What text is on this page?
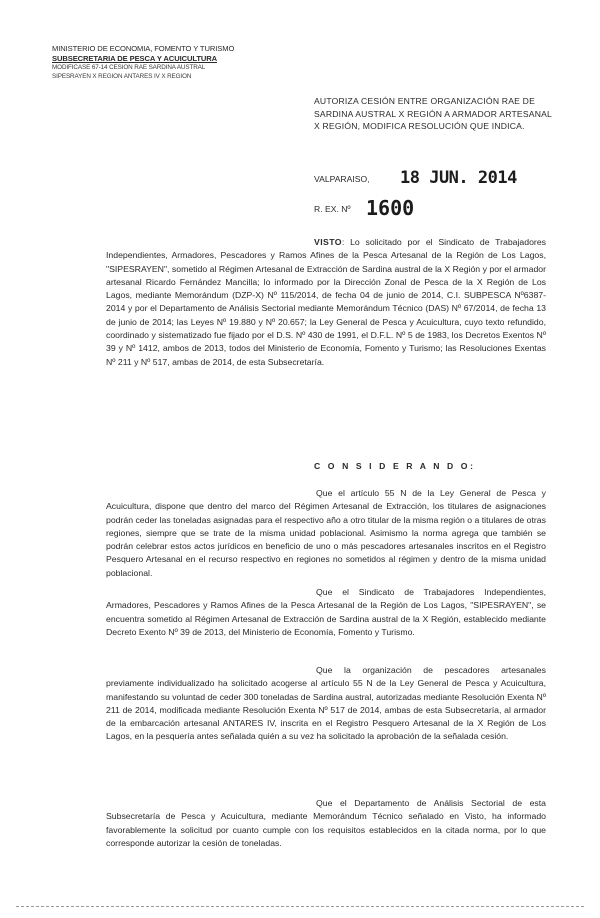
MINISTERIO DE ECONOMIA, FOMENTO Y TURISMO
SUBSECRETARIA DE PESCA Y ACUICULTURA
MODIFICASE 67-14 CESION RAE SARDINA AUSTRAL
SIPESRAYEN X REGION ANTARES IV X REGION
AUTORIZA CESIÓN ENTRE ORGANIZACIÓN RAE DE SARDINA AUSTRAL X REGIÓN A ARMADOR ARTESANAL X REGIÓN, MODIFICA RESOLUCIÓN QUE INDICA.
VALPARAISO, 18 JUN. 2014
R. EX. Nº 1600
VISTO: Lo solicitado por el Sindicato de Trabajadores Independientes, Armadores, Pescadores y Ramos Afines de la Pesca Artesanal de la Región de Los Lagos, "SIPESRAYEN", sometido al Régimen Artesanal de Extracción de Sardina austral de la X Región y por el armador artesanal Ricardo Fernández Mancilla; lo informado por la Dirección Zonal de Pesca de la X Región de Los Lagos, mediante Memorándum (DZP-X) Nº 115/2014, de fecha 04 de junio de 2014, C.I. SUBPESCA Nº6387-2014 y por el Departamento de Análisis Sectorial mediante Memorándum Técnico (DAS) Nº 67/2014, de fecha 13 de junio de 2014; las Leyes Nº 19.880 y Nº 20.657; la Ley General de Pesca y Acuicultura, cuyo texto refundido, coordinado y sistematizado fue fijado por el D.S. Nº 430 de 1991, el D.F.L. Nº 5 de 1983, los Decretos Exentos Nº 39 y Nº 1412, ambos de 2013, todos del Ministerio de Economía, Fomento y Turismo; las Resoluciones Exentas Nº 211 y Nº 517, ambas de 2014, de esta Subsecretaría.
C O N S I D E R A N D O:
Que el artículo 55 N de la Ley General de Pesca y Acuicultura, dispone que dentro del marco del Régimen Artesanal de Extracción, los titulares de asignaciones podrán ceder las toneladas asignadas para el respectivo año a otro titular de la misma región o a titulares de otras regiones, siempre que se trate de la misma unidad poblacional. Asimismo la norma agrega que también se podrán celebrar estos actos jurídicos en beneficio de uno o más pescadores artesanales inscritos en el Registro Pesquero Artesanal en el recurso respectivo en regiones no sometidos al régimen y dentro de la misma unidad poblacional.
Que el Sindicato de Trabajadores Independientes, Armadores, Pescadores y Ramos Afines de la Pesca Artesanal de la Región de Los Lagos, "SIPESRAYEN", se encuentra sometido al Régimen Artesanal de Extracción de Sardina austral de la X Región, establecido mediante Decreto Exento Nº 39 de 2013, del Ministerio de Economía, Fomento y Turismo.
Que la organización de pescadores artesanales previamente individualizado ha solicitado acogerse al artículo 55 N de la Ley General de Pesca y Acuicultura, manifestando su voluntad de ceder 300 toneladas de Sardina austral, autorizadas mediante Resolución Exenta Nº 211 de 2014, modificada mediante Resolución Exenta Nº 517 de 2014, ambas de esta Subsecretaría, al armador de la embarcación artesanal ANTARES IV, inscrita en el Registro Pesquero Artesanal de la X Región de Los Lagos, en la pesquería antes señalada quién a su vez ha solicitado la aprobación de la señalada cesión.
Que el Departamento de Análisis Sectorial de esta Subsecretaría de Pesca y Acuicultura, mediante Memorándum Técnico señalado en Visto, ha informado favorablemente la solicitud por cuanto cumple con los requisitos establecidos en la citada norma, por lo que corresponde autorizar la cesión de toneladas.
